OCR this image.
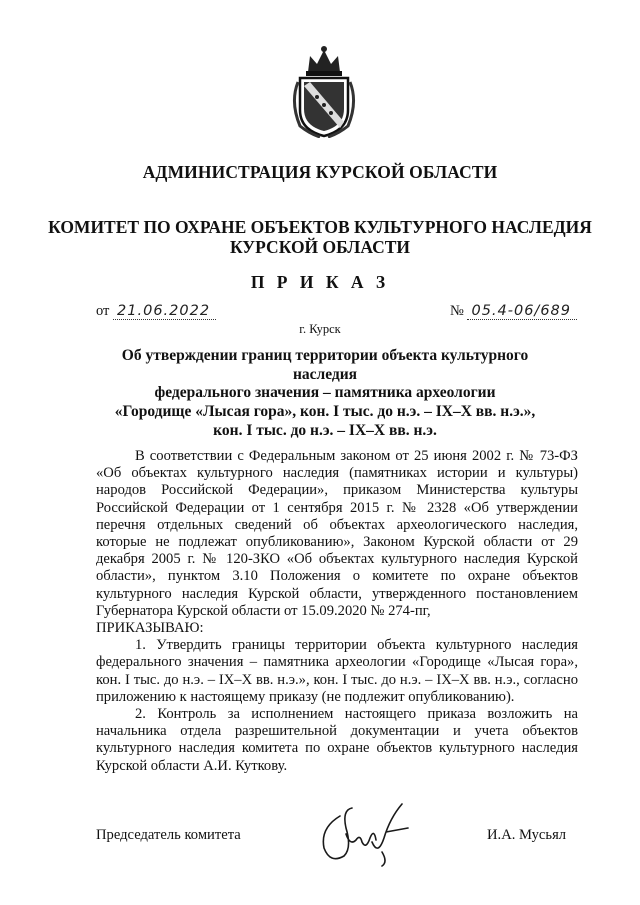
АДМИНИСТРАЦИЯ КУРСКОЙ ОБЛАСТИ
КОМИТЕТ ПО ОХРАНЕ ОБЪЕКТОВ КУЛЬТУРНОГО НАСЛЕДИЯ
КУРСКОЙ ОБЛАСТИ
П Р И К А З
от 21.06.2022	№ 05.4-06/689
г. Курск
Об утверждении границ территории объекта культурного наследия
федерального значения – памятника археологии
«Городище «Лысая гора», кон. I тыс. до н.э. – IX–X вв. н.э.»,
кон. I тыс. до н.э. – IX–X вв. н.э.

В соответствии с Федеральным законом от 25 июня 2002 г. № 73-ФЗ «Об объектах культурного наследия (памятниках истории и культуры) народов Российской Федерации», приказом Министерства культуры Российской Федерации от 1 сентября 2015 г. № 2328 «Об утверждении перечня отдельных сведений об объектах археологического наследия, которые не подлежат опубликованию», Законом Курской области от 29 декабря 2005 г. № 120-ЗКО «Об объектах культурного наследия Курской области», пунктом 3.10 Положения о комитете по охране объектов культурного наследия Курской области, утвержденного постановлением Губернатора Курской области от 15.09.2020 № 274-пг,

ПРИКАЗЫВАЮ:

1. Утвердить границы территории объекта культурного наследия федерального значения – памятника археологии «Городище «Лысая гора», кон. I тыс. до н.э. – IX–X вв. н.э.», кон. I тыс. до н.э. – IX–X вв. н.э., согласно приложению к настоящему приказу (не подлежит опубликованию).

2. Контроль за исполнением настоящего приказа возложить на начальника отдела разрешительной документации и учета объектов культурного наследия комитета по охране объектов культурного наследия Курской области А.И. Куткову.

Председатель комитета	И.А. Мусьял
